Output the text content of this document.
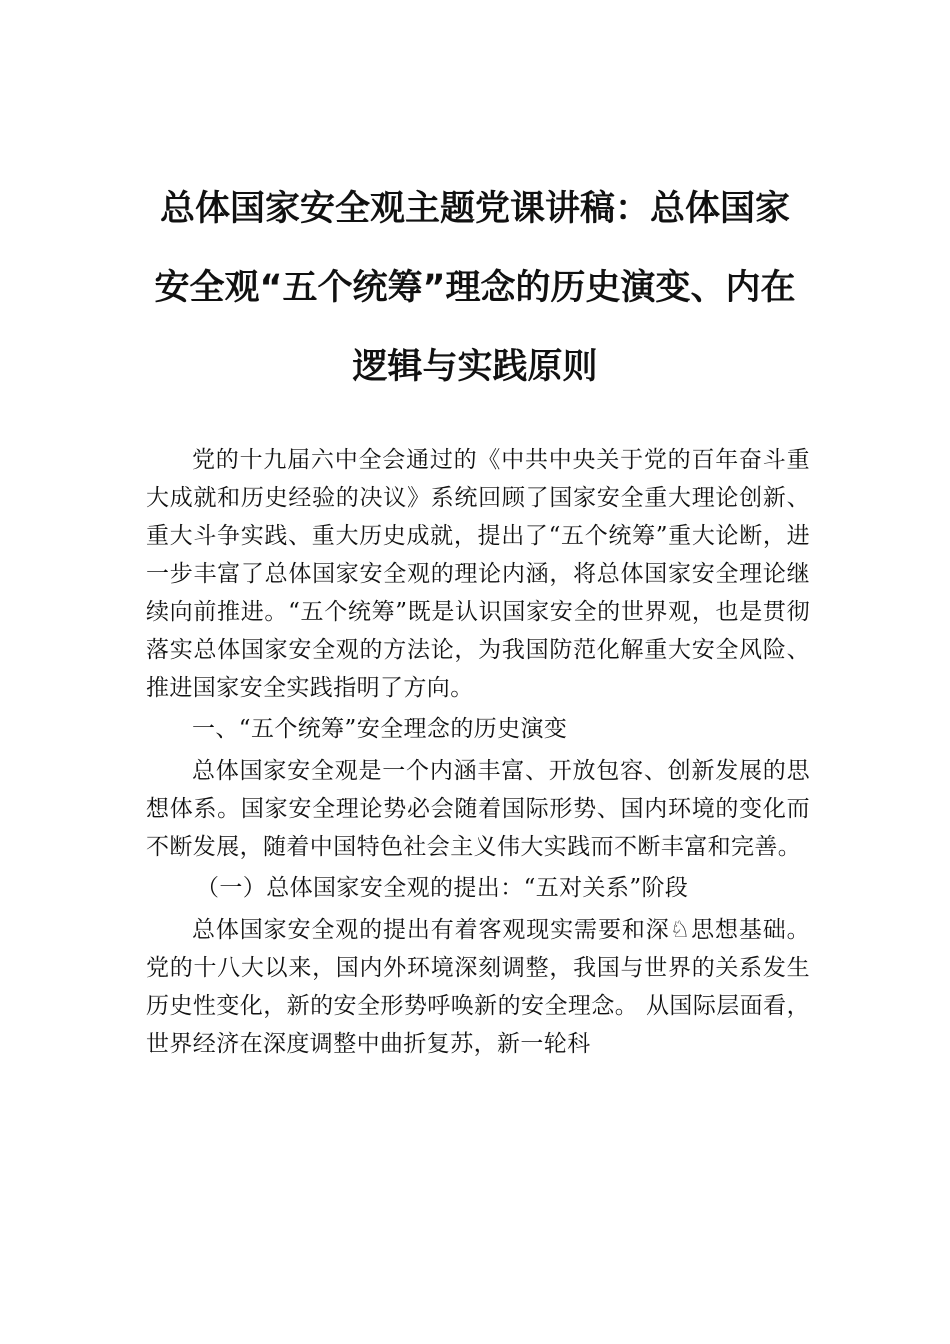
总体国家安全观主题党课讲稿：总体国家
安全观“五个统筹”理念的历史演变、内在
逻辑与实践原则

党的十九届六中全会通过的《中共中央关于党的百年奋斗重大成就和历史经验的决议》系统回顾了国家安全重大理论创新、重大斗争实践、重大历史成就，提出了“五个统筹”重大论断，进一步丰富了总体国家安全观的理论内涵，将总体国家安全理论继续向前推进。“五个统筹”既是认识国家安全的世界观，也是贯彻落实总体国家安全观的方法论，为我国防范化解重大安全风险、推进国家安全实践指明了方向。

一、“五个统筹”安全理念的历史演变

总体国家安全观是一个内涵丰富、开放包容、创新发展的思想体系。国家安全理论势必会随着国际形势、国内环境的变化而不断发展，随着中国特色社会主义伟大实践而不断丰富和完善。

（一）总体国家安全观的提出：“五对关系”阶段

总体国家安全观的提出有着客观现实需要和深♘思想基础。党的十八大以来，国内外环境深刻调整，我国与世界的关系发生历史性变化，新的安全形势呼唤新的安全理念。 从国际层面看，世界经济在深度调整中曲折复苏，新一轮科
